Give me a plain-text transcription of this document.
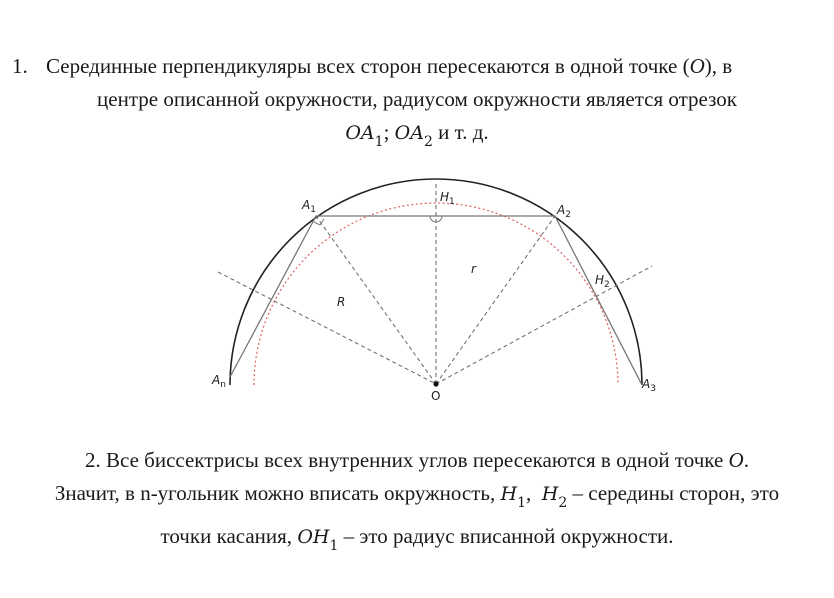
1. Серединные перпендикуляры всех сторон пересекаются в одной точке (O), в
центре описанной окружности, радиусом окружности является отрезок
$OA_1$; $OA_2$ и т. д.
$A_1$	$A_2$
$A_3$
$A_n$
$H_1$
$H_2$
R
r
O
2. Все биссектрисы всех внутренних углов пересекаются в одной точке O.
Значит, в n-угольник можно вписать окружность, $H_1$, $H_2$ – середины сторон, это
точки касания, $OH_1$ – это радиус вписанной окружности.
